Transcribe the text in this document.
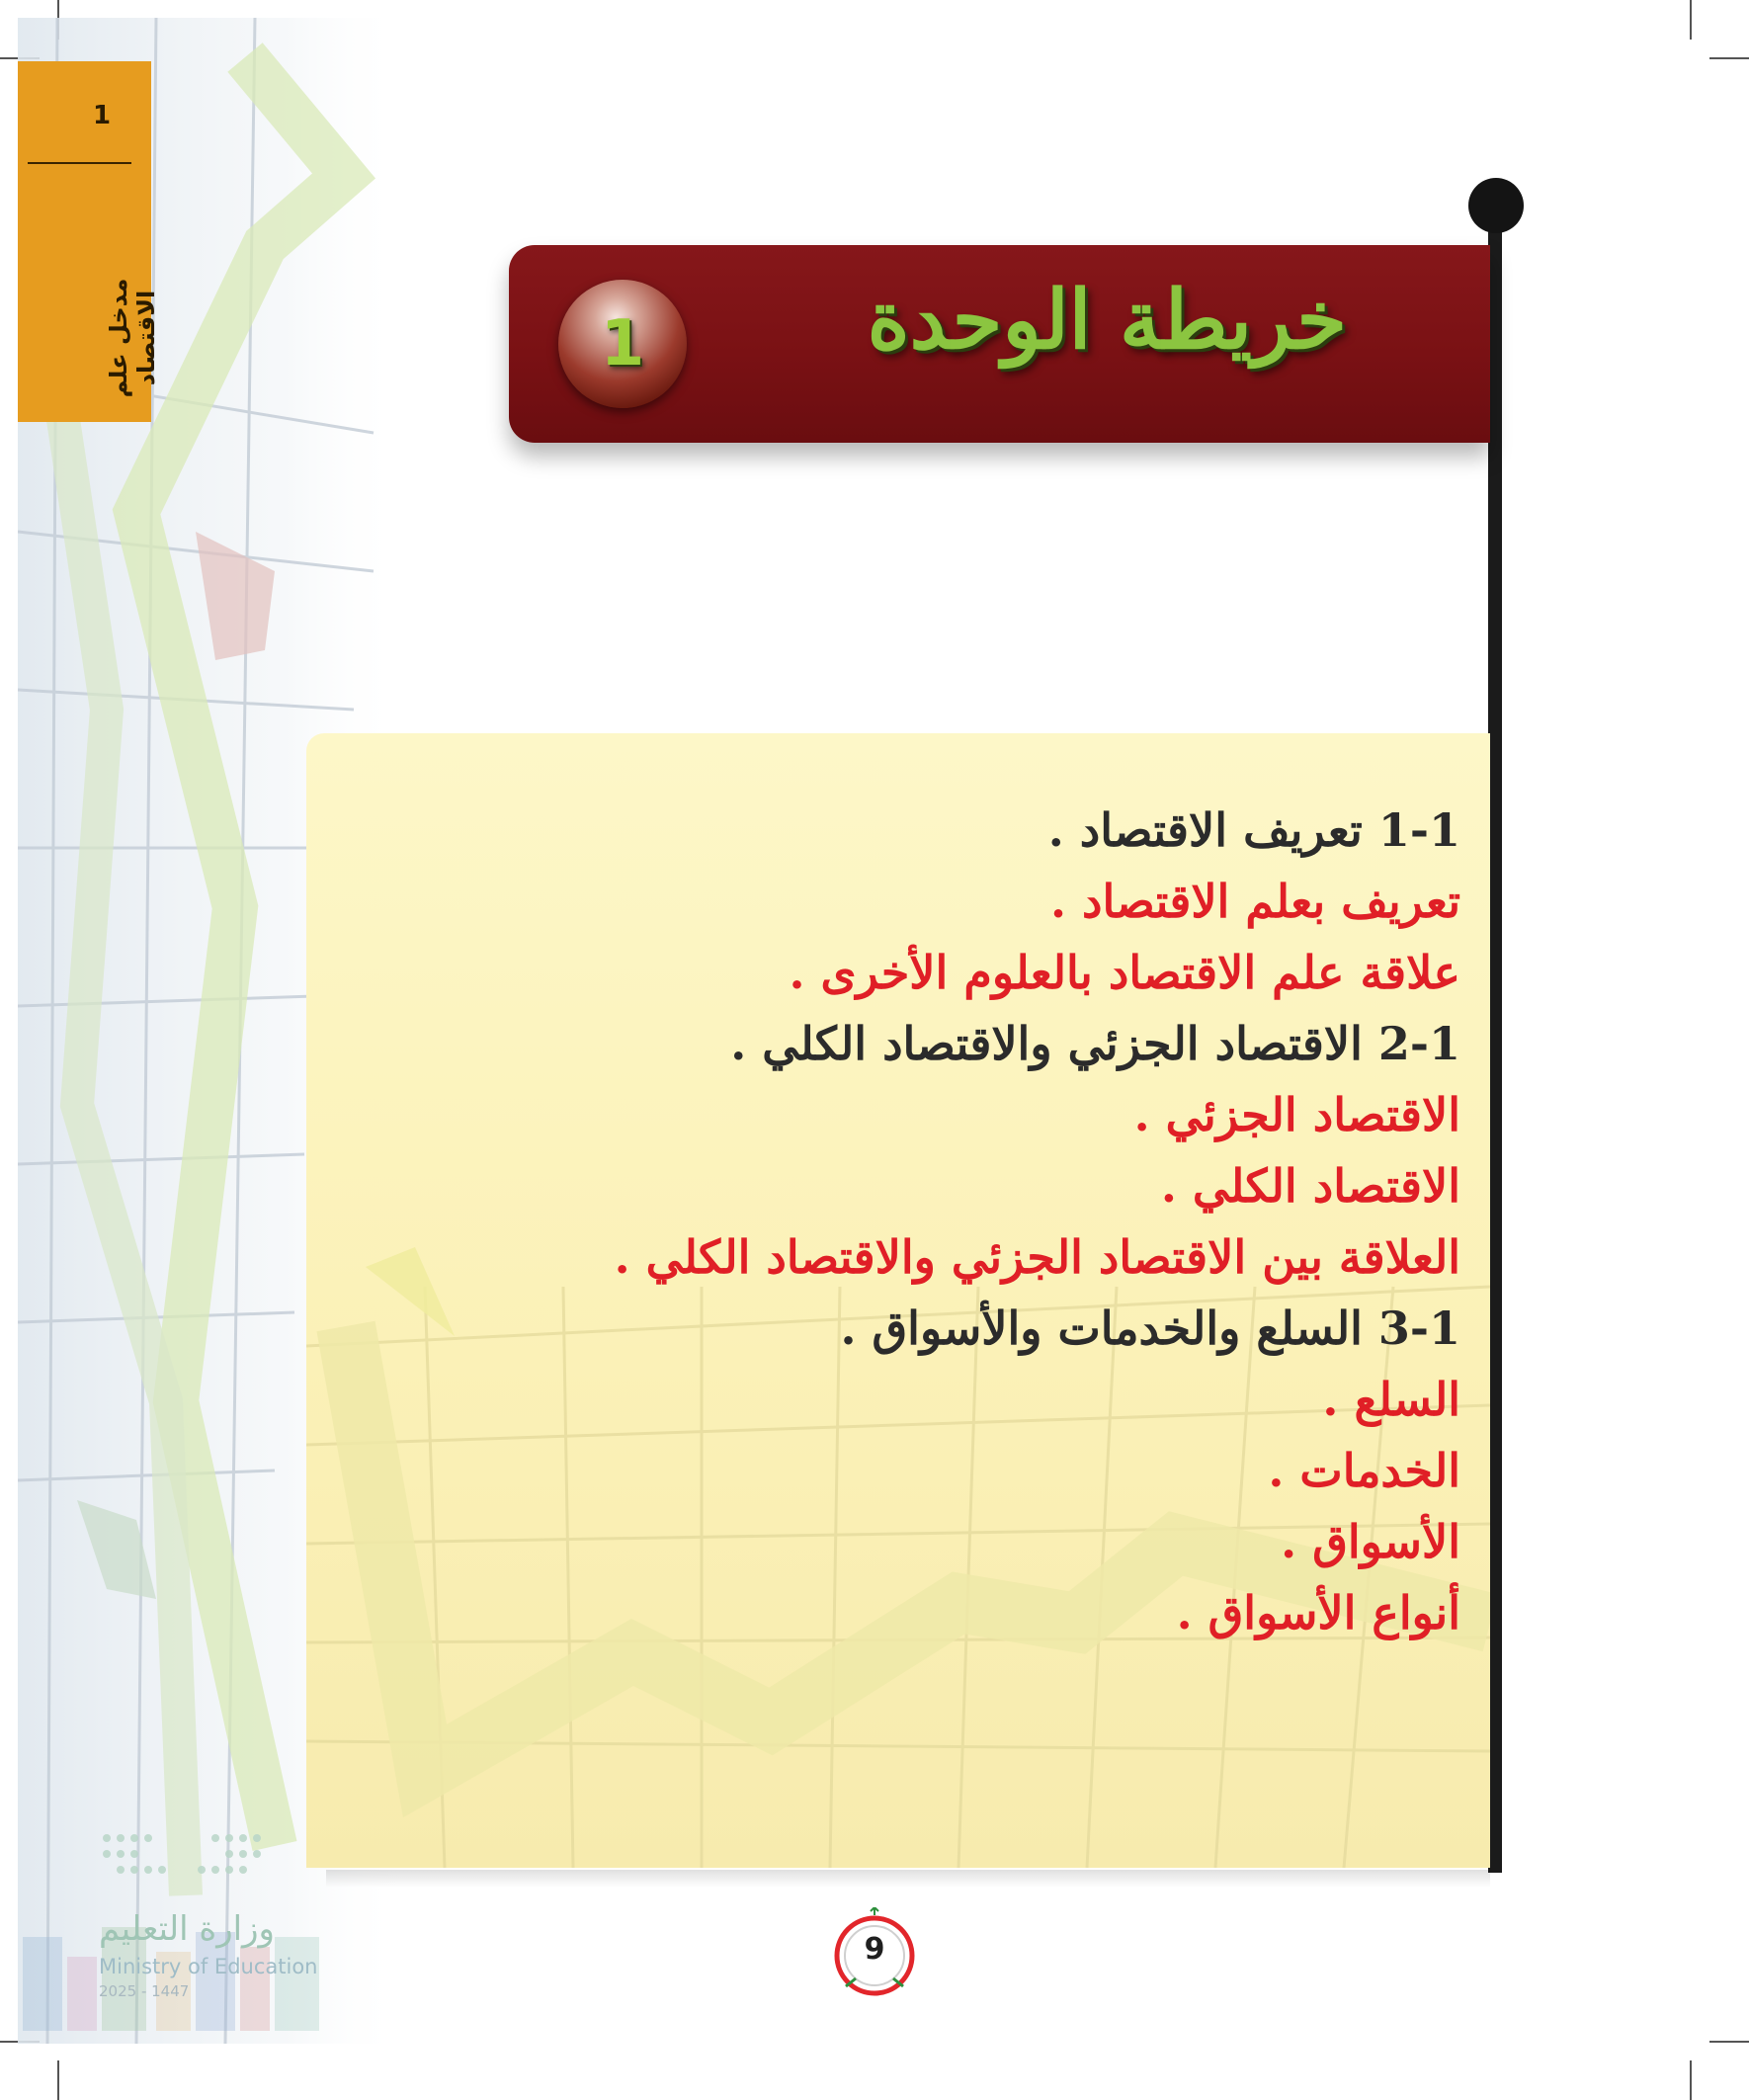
1
مدخل علم الاقتصاد	1	خريطة الوحدة
1-1 تعريف الاقتصاد .
تعريف بعلم الاقتصاد .
علاقة علم الاقتصاد بالعلوم الأخرى .
2-1 الاقتصاد الجزئي والاقتصاد الكلي .
الاقتصاد الجزئي .
الاقتصاد الكلي .
العلاقة بين الاقتصاد الجزئي والاقتصاد الكلي .
3-1 السلع والخدمات والأسواق .
السلع .
الخدمات .
الأسواق .
أنواع الأسواق .
9
وزارة التعليم
Ministry of Education
2025 - 1447
